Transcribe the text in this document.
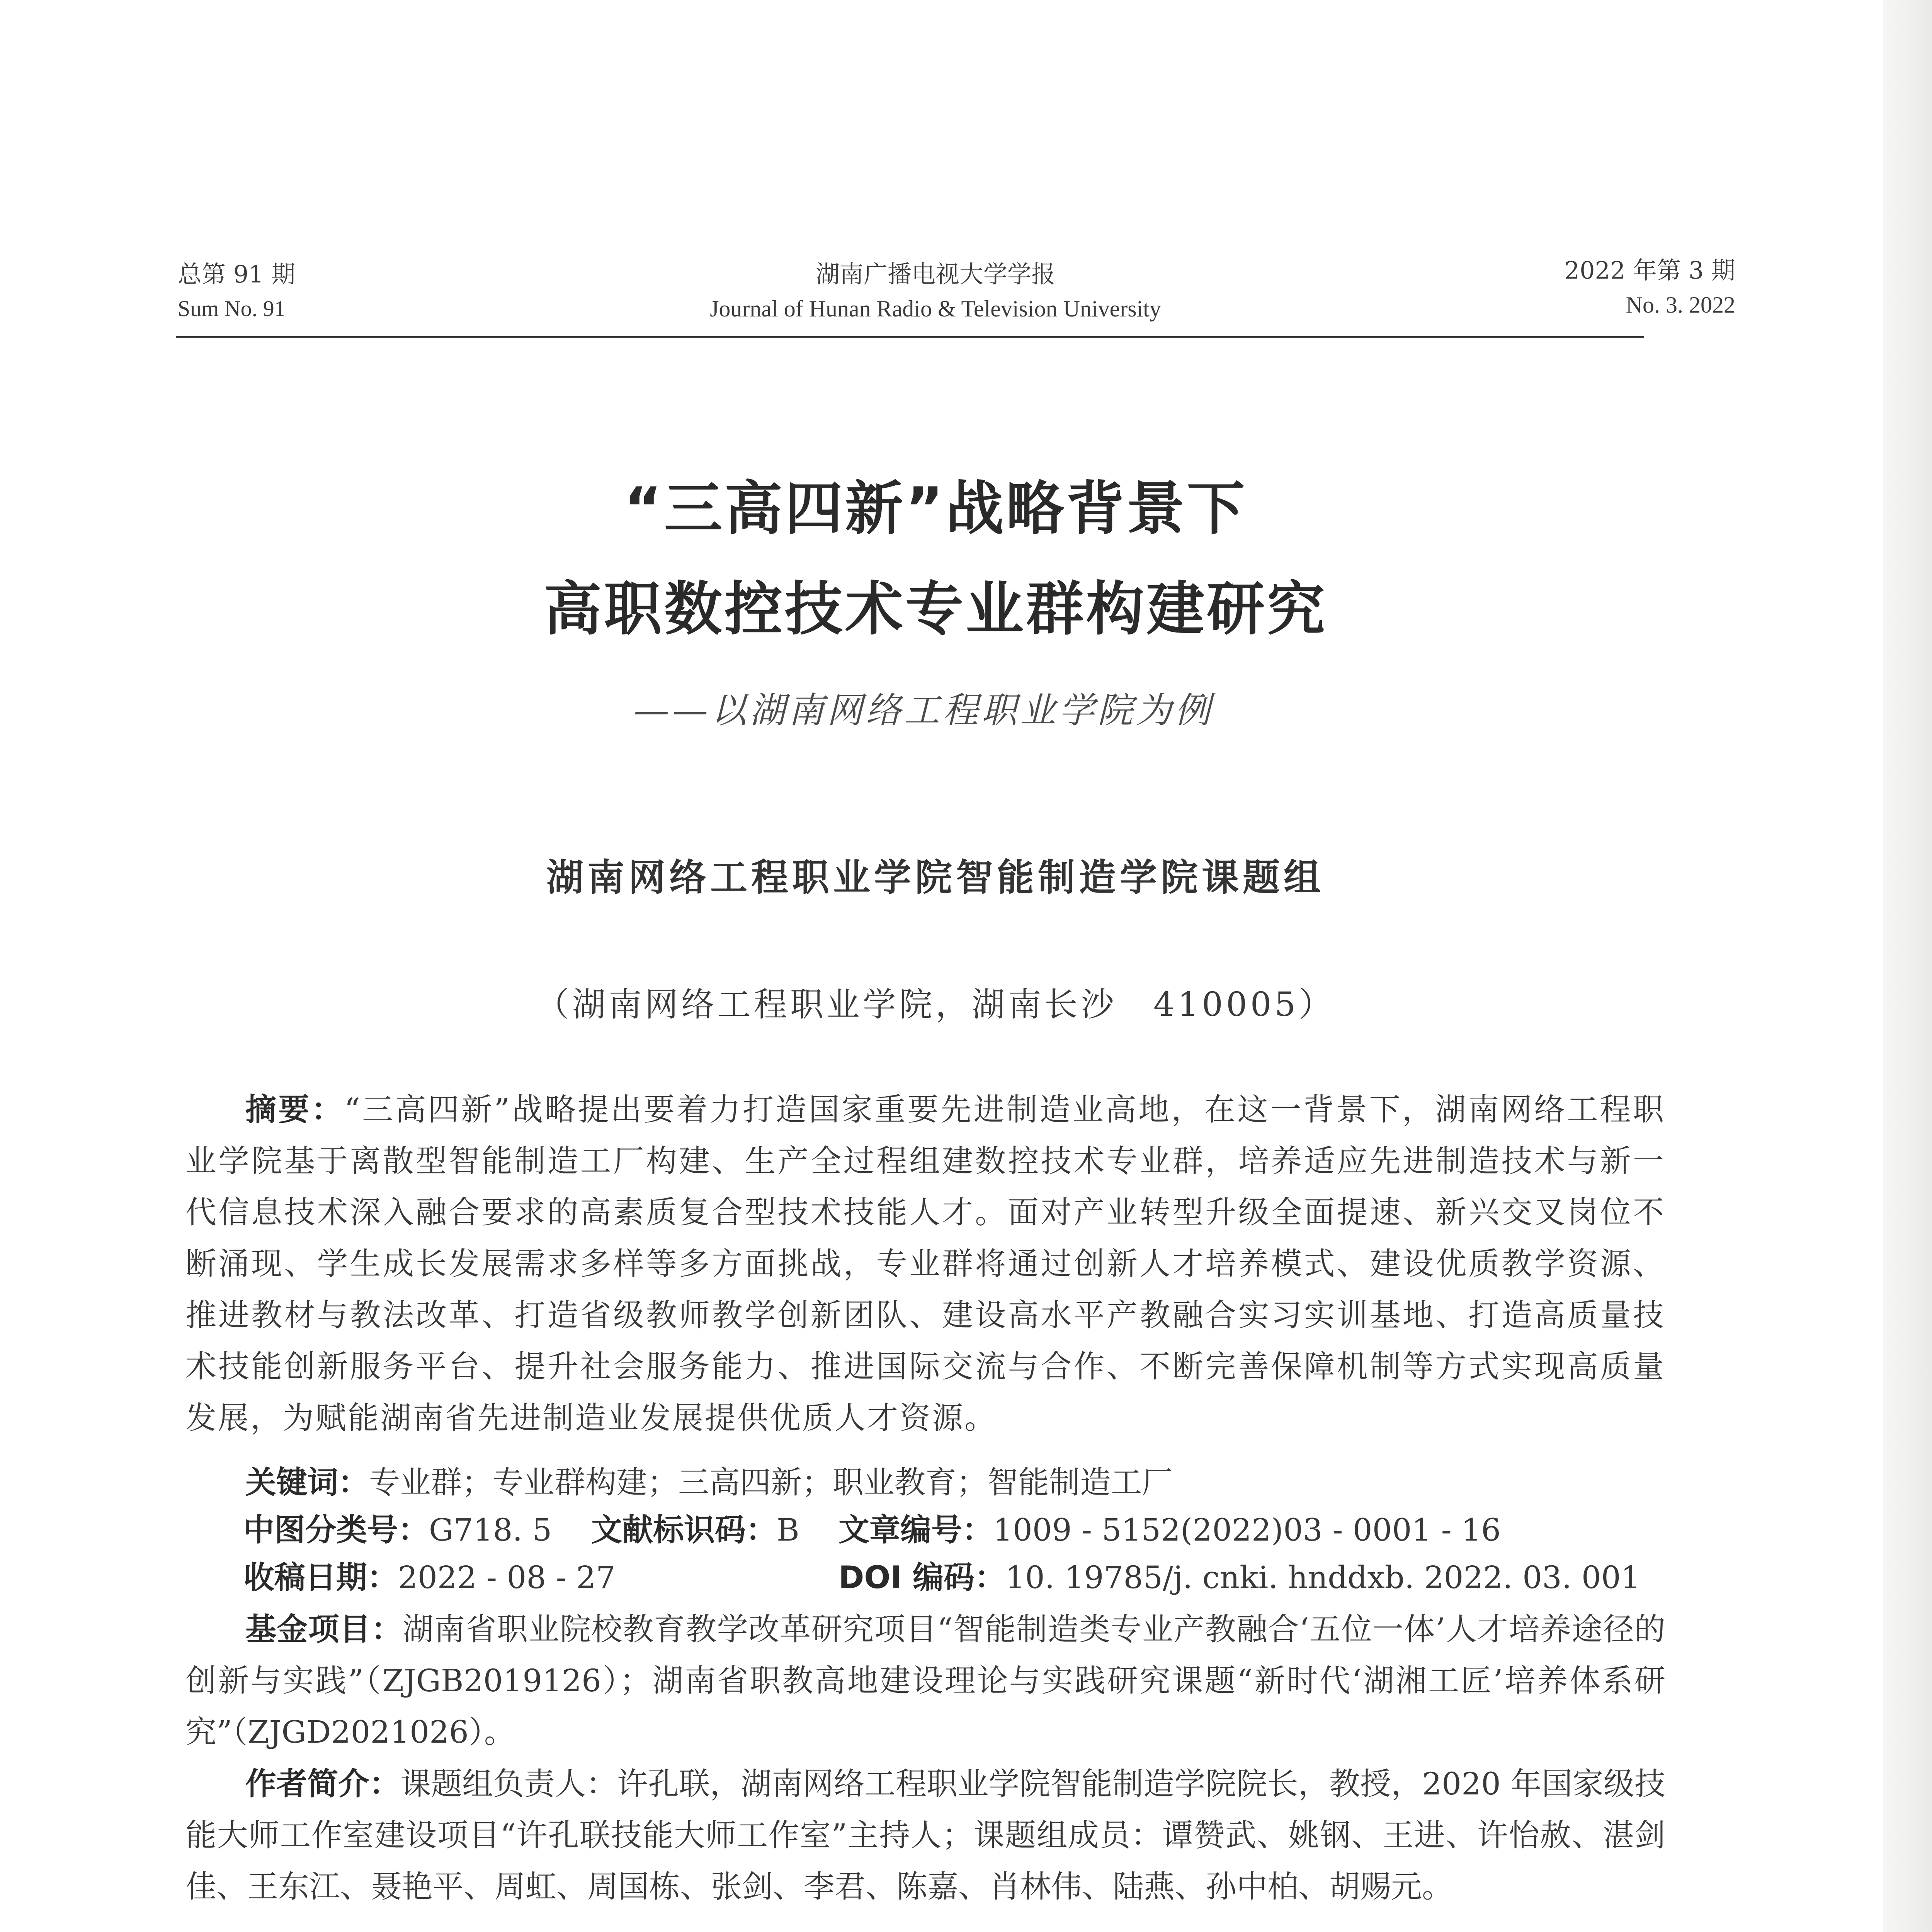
总第 91 期
Sum No. 91
湖南广播电视大学学报
Journal of Hunan Radio & Television University
2022 年第 3 期
No. 3. 2022
“三高四新”战略背景下
高职数控技术专业群构建研究
——以湖南网络工程职业学院为例
湖南网络工程职业学院智能制造学院课题组
（湖南网络工程职业学院，湖南长沙　410005）
摘要：“三高四新”战略提出要着力打造国家重要先进制造业高地，在这一背景下，湖南网络工程职业学院基于离散型智能制造工厂构建、生产全过程组建数控技术专业群，培养适应先进制造技术与新一代信息技术深入融合要求的高素质复合型技术技能人才。面对产业转型升级全面提速、新兴交叉岗位不断涌现、学生成长发展需求多样等多方面挑战，专业群将通过创新人才培养模式、建设优质教学资源、推进教材与教法改革、打造省级教师教学创新团队、建设高水平产教融合实习实训基地、打造高质量技术技能创新服务平台、提升社会服务能力、推进国际交流与合作、不断完善保障机制等方式实现高质量发展，为赋能湖南省先进制造业发展提供优质人才资源。
关键词：专业群；专业群构建；三高四新；职业教育；智能制造工厂
中图分类号：G718. 5 文献标识码：B 文章编号：1009 - 5152(2022)03 - 0001 - 16
收稿日期：2022 - 08 - 27	DOI 编码：10. 19785/j. cnki. hnddxb. 2022. 03. 001
基金项目：湖南省职业院校教育教学改革研究项目“智能制造类专业产教融合‘五位一体’人才培养途径的创新与实践”（ZJGB2019126）；湖南省职教高地建设理论与实践研究课题“新时代‘湖湘工匠’培养体系研究”（ZJGD2021026）。
作者简介：课题组负责人：许孔联，湖南网络工程职业学院智能制造学院院长，教授，2020 年国家级技能大师工作室建设项目“许孔联技能大师工作室”主持人；课题组成员：谭赞武、姚钢、王进、许怡赦、湛剑佳、王东江、聂艳平、周虹、周国栋、张剑、李君、陈嘉、肖林伟、陆燕、孙中柏、胡赐元。
